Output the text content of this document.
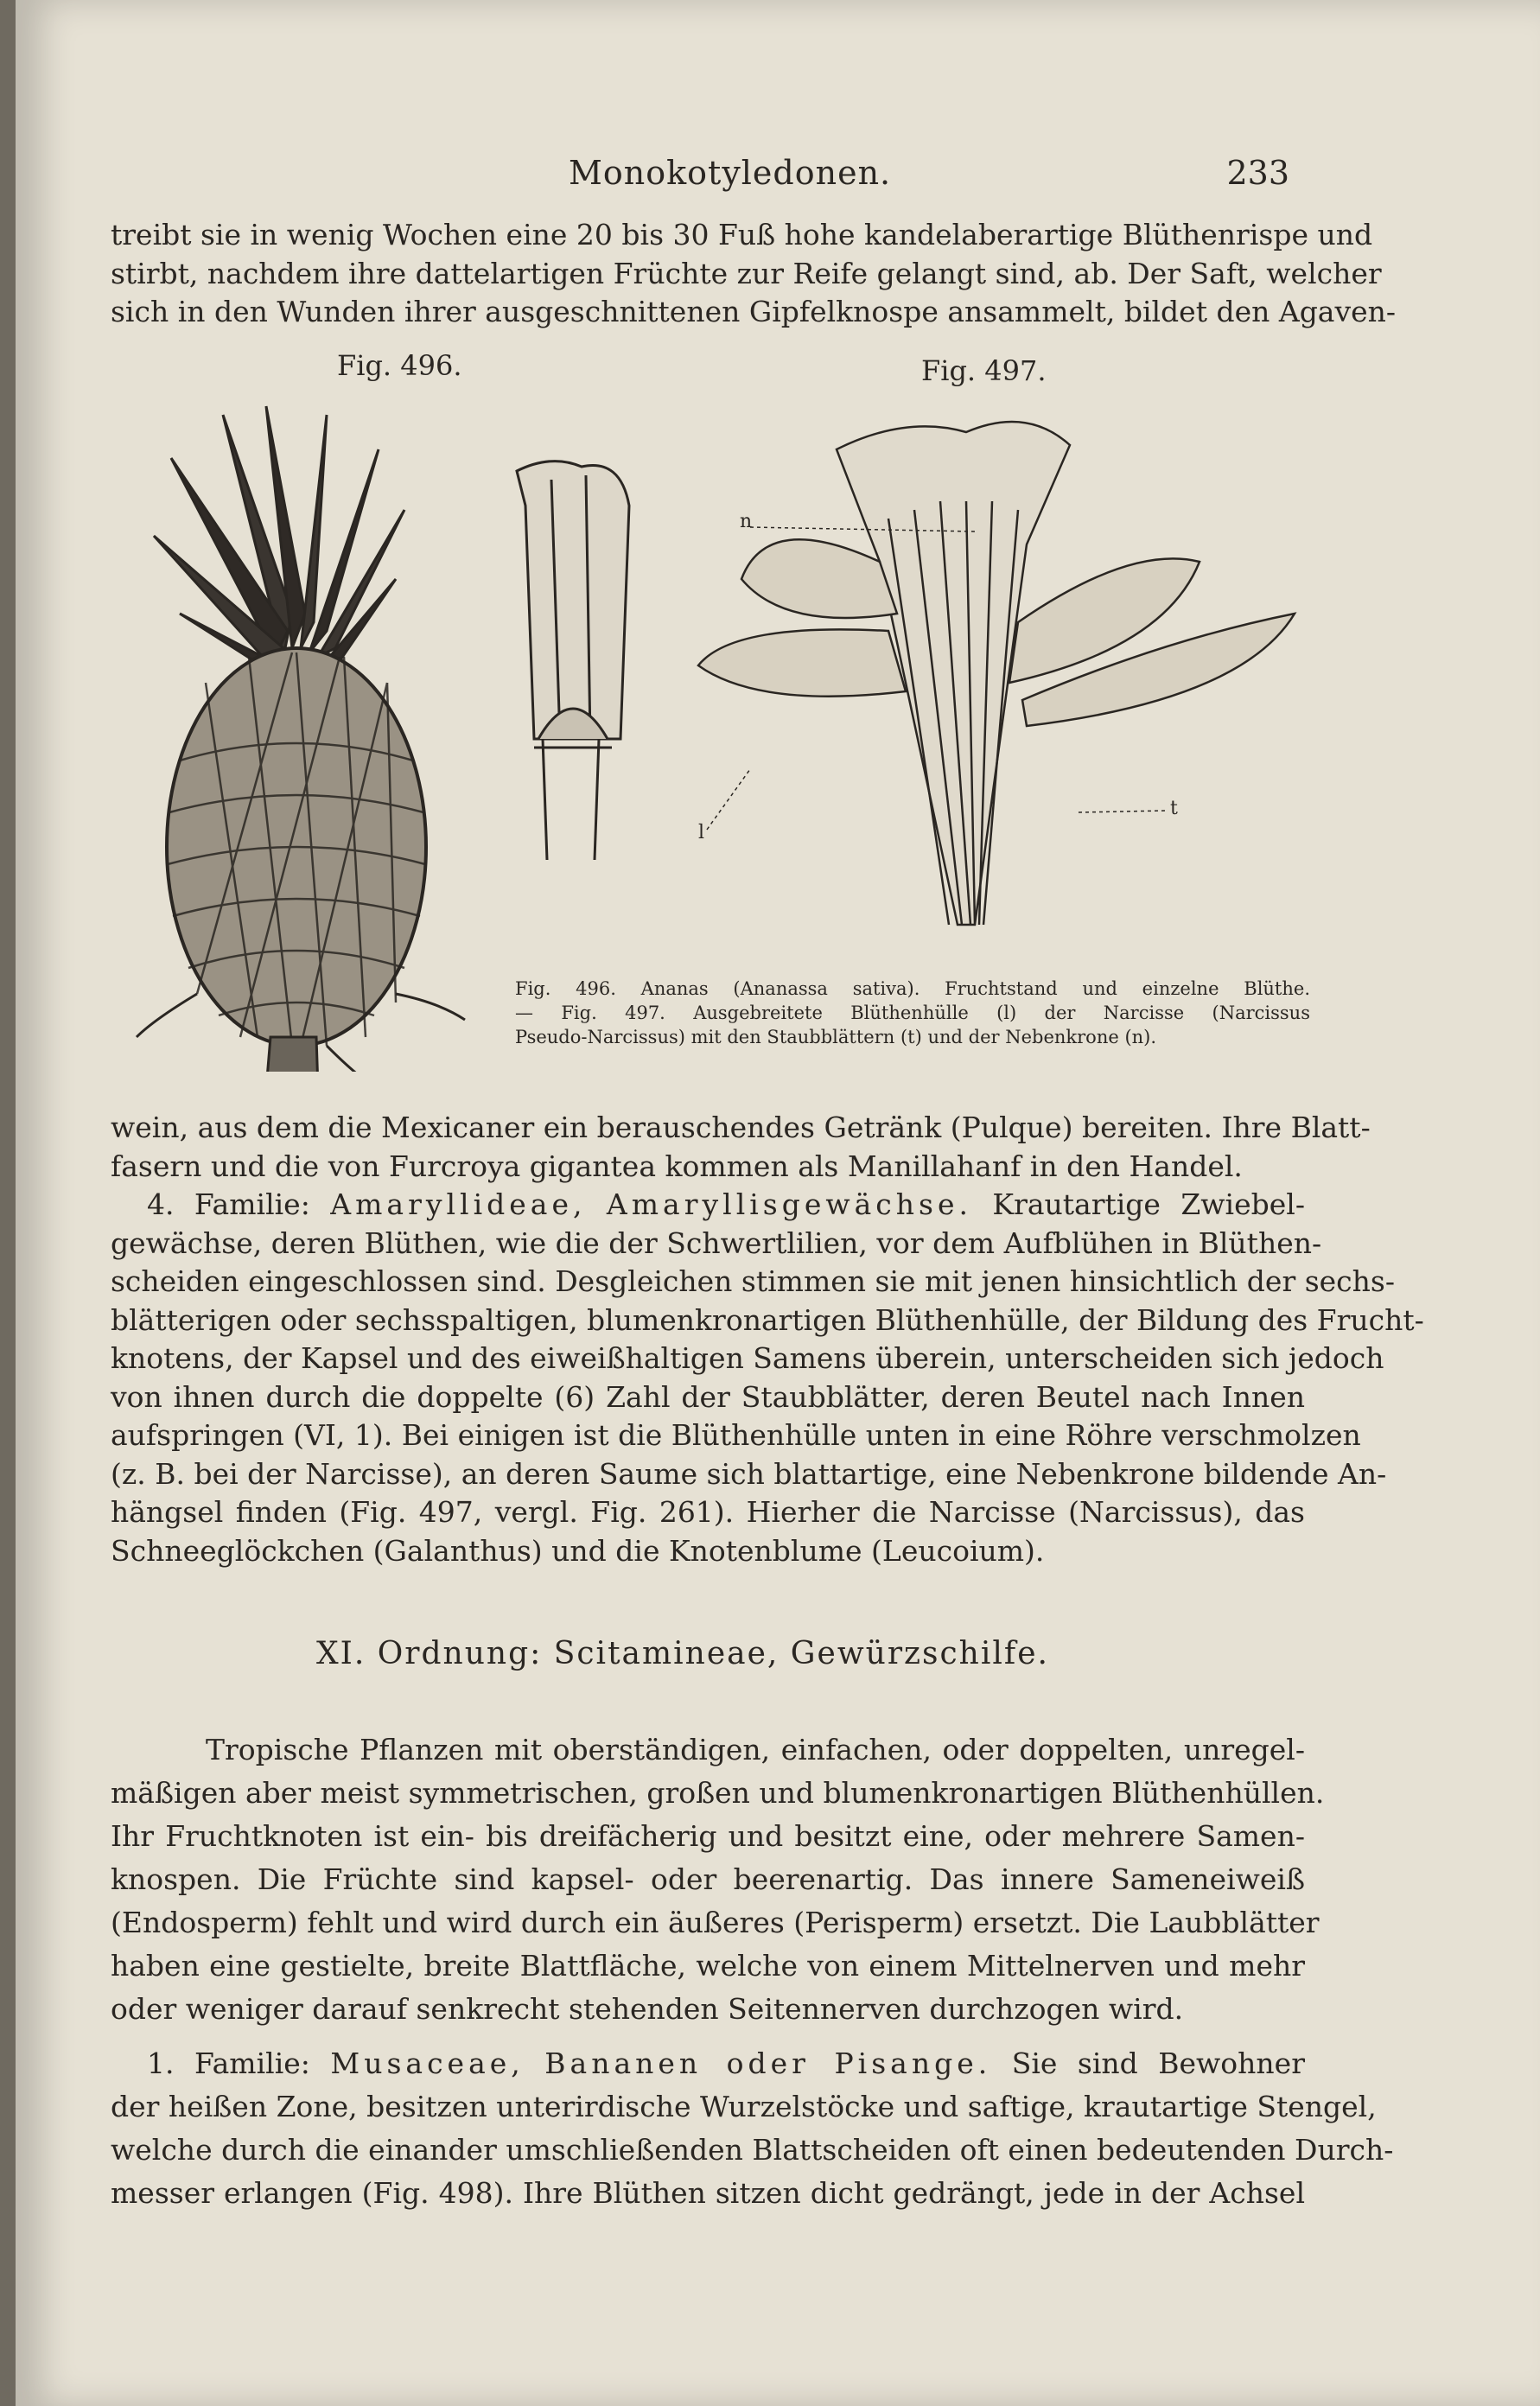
Monokotyledonen.	233
treibt sie in wenig Wochen eine 20 bis 30 Fuß hohe kandelaberartige Blüthenrispe und
stirbt, nachdem ihre dattelartigen Früchte zur Reife gelangt sind, ab. Der Saft, welcher
sich in den Wunden ihrer ausgeschnittenen Gipfelknospe ansammelt, bildet den Agaven-
Fig. 496.	Fig. 497.
n
l
t
Fig. 496. Ananas (Ananassa sativa). Fruchtstand und einzelne Blüthe.
— Fig. 497. Ausgebreitete Blüthenhülle (l) der Narcisse (Narcissus
Pseudo-Narcissus) mit den Staubblättern (t) und der Nebenkrone (n).
wein, aus dem die Mexicaner ein berauschendes Getränk (Pulque) bereiten. Ihre Blatt-
fasern und die von Furcroya gigantea kommen als Manillahanf in den Handel.
4. Familie: Amaryllideae, Amaryllisgewächse. Krautartige Zwiebel-
gewächse, deren Blüthen, wie die der Schwertlilien, vor dem Aufblühen in Blüthen-
scheiden eingeschlossen sind. Desgleichen stimmen sie mit jenen hinsichtlich der sechs-
blätterigen oder sechsspaltigen, blumenkronartigen Blüthenhülle, der Bildung des Frucht-
knotens, der Kapsel und des eiweißhaltigen Samens überein, unterscheiden sich jedoch
von ihnen durch die doppelte (6) Zahl der Staubblätter, deren Beutel nach Innen
aufspringen (VI, 1). Bei einigen ist die Blüthenhülle unten in eine Röhre verschmolzen
(z. B. bei der Narcisse), an deren Saume sich blattartige, eine Nebenkrone bildende An-
hängsel finden (Fig. 497, vergl. Fig. 261). Hierher die Narcisse (Narcissus), das
Schneeglöckchen (Galanthus) und die Knotenblume (Leucoium).
XI. Ordnung: Scitamineae, Gewürzschilfe.
Tropische Pflanzen mit oberständigen, einfachen, oder doppelten, unregel-
mäßigen aber meist symmetrischen, großen und blumenkronartigen Blüthenhüllen.
Ihr Fruchtknoten ist ein- bis dreifächerig und besitzt eine, oder mehrere Samen-
knospen. Die Früchte sind kapsel- oder beerenartig. Das innere Sameneiweiß
(Endosperm) fehlt und wird durch ein äußeres (Perisperm) ersetzt. Die Laubblätter
haben eine gestielte, breite Blattfläche, welche von einem Mittelnerven und mehr
oder weniger darauf senkrecht stehenden Seitennerven durchzogen wird.
1. Familie: Musaceae, Bananen oder Pisange. Sie sind Bewohner
der heißen Zone, besitzen unterirdische Wurzelstöcke und saftige, krautartige Stengel,
welche durch die einander umschließenden Blattscheiden oft einen bedeutenden Durch-
messer erlangen (Fig. 498). Ihre Blüthen sitzen dicht gedrängt, jede in der Achsel
